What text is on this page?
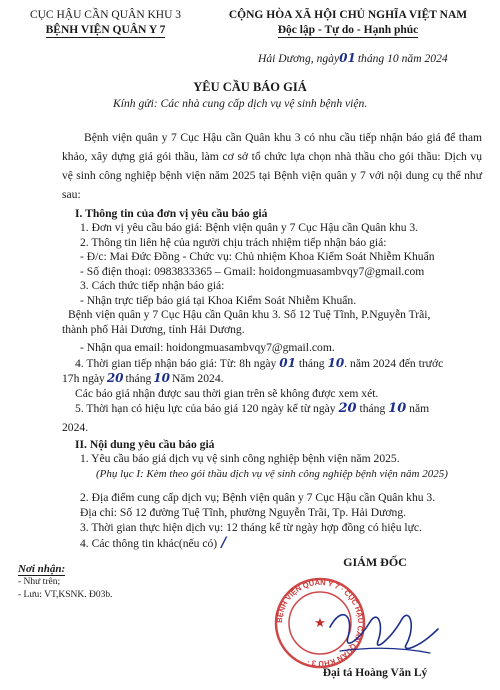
CỤC HẬU CẦN QUÂN KHU 3
BỆNH VIỆN QUÂN Y 7
CỘNG HÒA XÃ HỘI CHỦ NGHĨA VIỆT NAM
Độc lập - Tự do - Hạnh phúc
Hải Dương, ngày01 tháng 10 năm 2024
YÊU CẦU BÁO GIÁ
Kính gửi: Các nhà cung cấp dịch vụ vệ sinh bệnh viện.
Bệnh viện quân y 7 Cục Hậu cần Quân khu 3 có nhu cầu tiếp nhận báo giá để tham khảo, xây dựng giá gói thầu, làm cơ sở tổ chức lựa chọn nhà thầu cho gói thầu: Dịch vụ vệ sinh công nghiệp bệnh viện năm 2025 tại Bệnh viện quân y 7 với nội dung cụ thể như sau:
I. Thông tin của đơn vị yêu cầu báo giá
1. Đơn vị yêu cầu báo giá: Bệnh viện quân y 7 Cục Hậu cần Quân khu 3.
2. Thông tin liên hệ của người chịu trách nhiệm tiếp nhận báo giá:
- Đ/c: Mai Đức Đồng - Chức vụ: Chủ nhiệm Khoa Kiểm Soát Nhiễm Khuẩn
- Số điện thoại: 0983833365 – Gmail: hoidongmuasambvqy7@gmail.com
3. Cách thức tiếp nhận báo giá:
- Nhận trực tiếp báo giá tại Khoa Kiểm Soát Nhiễm Khuẩn.
Bệnh viện quân y 7 Cục Hậu cần Quân khu 3. Số 12 Tuệ Tĩnh, P.Nguyễn Trãi,
thành phố Hải Dương, tỉnh Hải Dương.
- Nhận qua email: hoidongmuasambvqy7@gmail.com.
4. Thời gian tiếp nhận báo giá: Từ: 8h ngày 01 tháng 10. năm 2024 đến trước
17h ngày 20 tháng 10 Năm 2024.
Các báo giá nhận được sau thời gian trên sẽ không được xem xét.
5. Thời hạn có hiệu lực của báo giá 120 ngày kể từ ngày 20 tháng 10 năm
2024.
II. Nội dung yêu cầu báo giá
1. Yêu cầu báo giá dịch vụ vệ sinh công nghiệp bệnh viện năm 2025.
(Phụ lục I: Kèm theo gói thầu dịch vụ vệ sinh công nghiệp bệnh viện năm 2025)
2. Địa điểm cung cấp dịch vụ; Bệnh viện quân y 7 Cục Hậu cần Quân khu 3.
Địa chỉ: Số 12 đường Tuệ Tĩnh, phường Nguyễn Trãi, Tp. Hải Dương.
3. Thời gian thực hiện dịch vụ: 12 tháng kể từ ngày hợp đồng có hiệu lực.
4. Các thông tin khác(nếu có) /
Nơi nhận:
- Như trên;
- Lưu: VT,KSNK. Đ03b.
GIÁM ĐỐC
BỆNH VIỆN QUÂN Y 7 · CỤC HẬU CẦN QUÂN KHU 3 ·
★
Đại tá Hoàng Văn Lý
